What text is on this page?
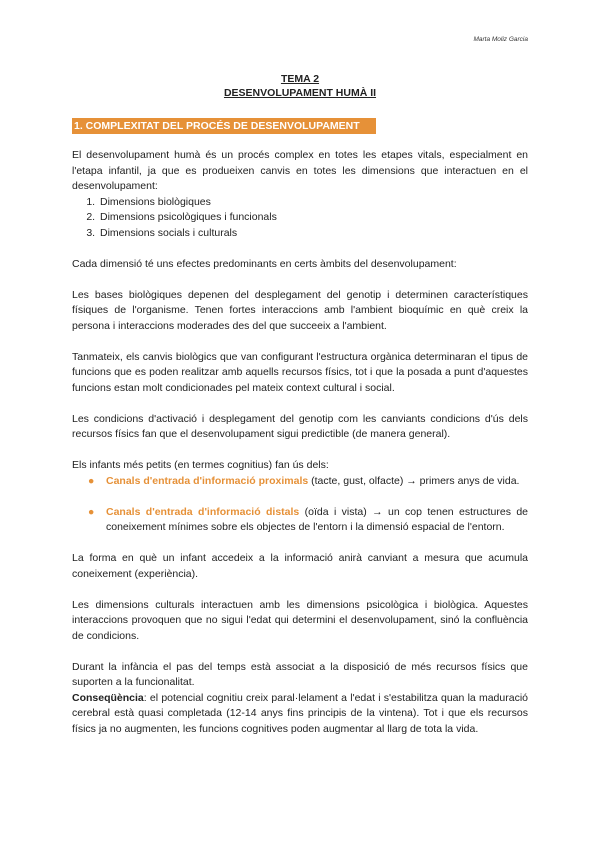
Marta Moliz Garcia
TEMA 2
DESENVOLUPAMENT HUMÀ II
1. COMPLEXITAT DEL PROCÉS DE DESENVOLUPAMENT

El desenvolupament humà és un procés complex en totes les etapes vitals, especialment en l'etapa infantil, ja que es produeixen canvis en totes les dimensions que interactuen en el desenvolupament:

1. Dimensions biològiques
2. Dimensions psicològiques i funcionals
3. Dimensions socials i culturals

Cada dimensió té uns efectes predominants en certs àmbits del desenvolupament:

Les bases biològiques depenen del desplegament del genotip i determinen característiques físiques de l'organisme. Tenen fortes interaccions amb l'ambient bioquímic en què creix la persona i interaccions moderades des del que succeeix a l'ambient.

Tanmateix, els canvis biològics que van configurant l'estructura orgànica determinaran el tipus de funcions que es poden realitzar amb aquells recursos físics, tot i que la posada a punt d'aquestes funcions estan molt condicionades pel mateix context cultural i social.

Les condicions d'activació i desplegament del genotip com les canviants condicions d'ús dels recursos físics fan que el desenvolupament sigui predictible (de manera general).

Els infants més petits (en termes cognitius) fan ús dels:

● Canals d'entrada d'informació proximals (tacte, gust, olfacte) → primers anys de vida.
● Canals d'entrada d'informació distals (oïda i vista) → un cop tenen estructures de coneixement mínimes sobre els objectes de l'entorn i la dimensió espacial de l'entorn.

La forma en què un infant accedeix a la informació anirà canviant a mesura que acumula coneixement (experiència).

Les dimensions culturals interactuen amb les dimensions psicològica i biològica. Aquestes interaccions provoquen que no sigui l'edat qui determini el desenvolupament, sinó la confluència de condicions.

Durant la infància el pas del temps està associat a la disposició de més recursos físics que suporten a la funcionalitat.

Conseqüència: el potencial cognitiu creix paral·lelament a l'edat i s'estabilitza quan la maduració cerebral està quasi completada (12-14 anys fins principis de la vintena). Tot i que els recursos físics ja no augmenten, les funcions cognitives poden augmentar al llarg de tota la vida.
